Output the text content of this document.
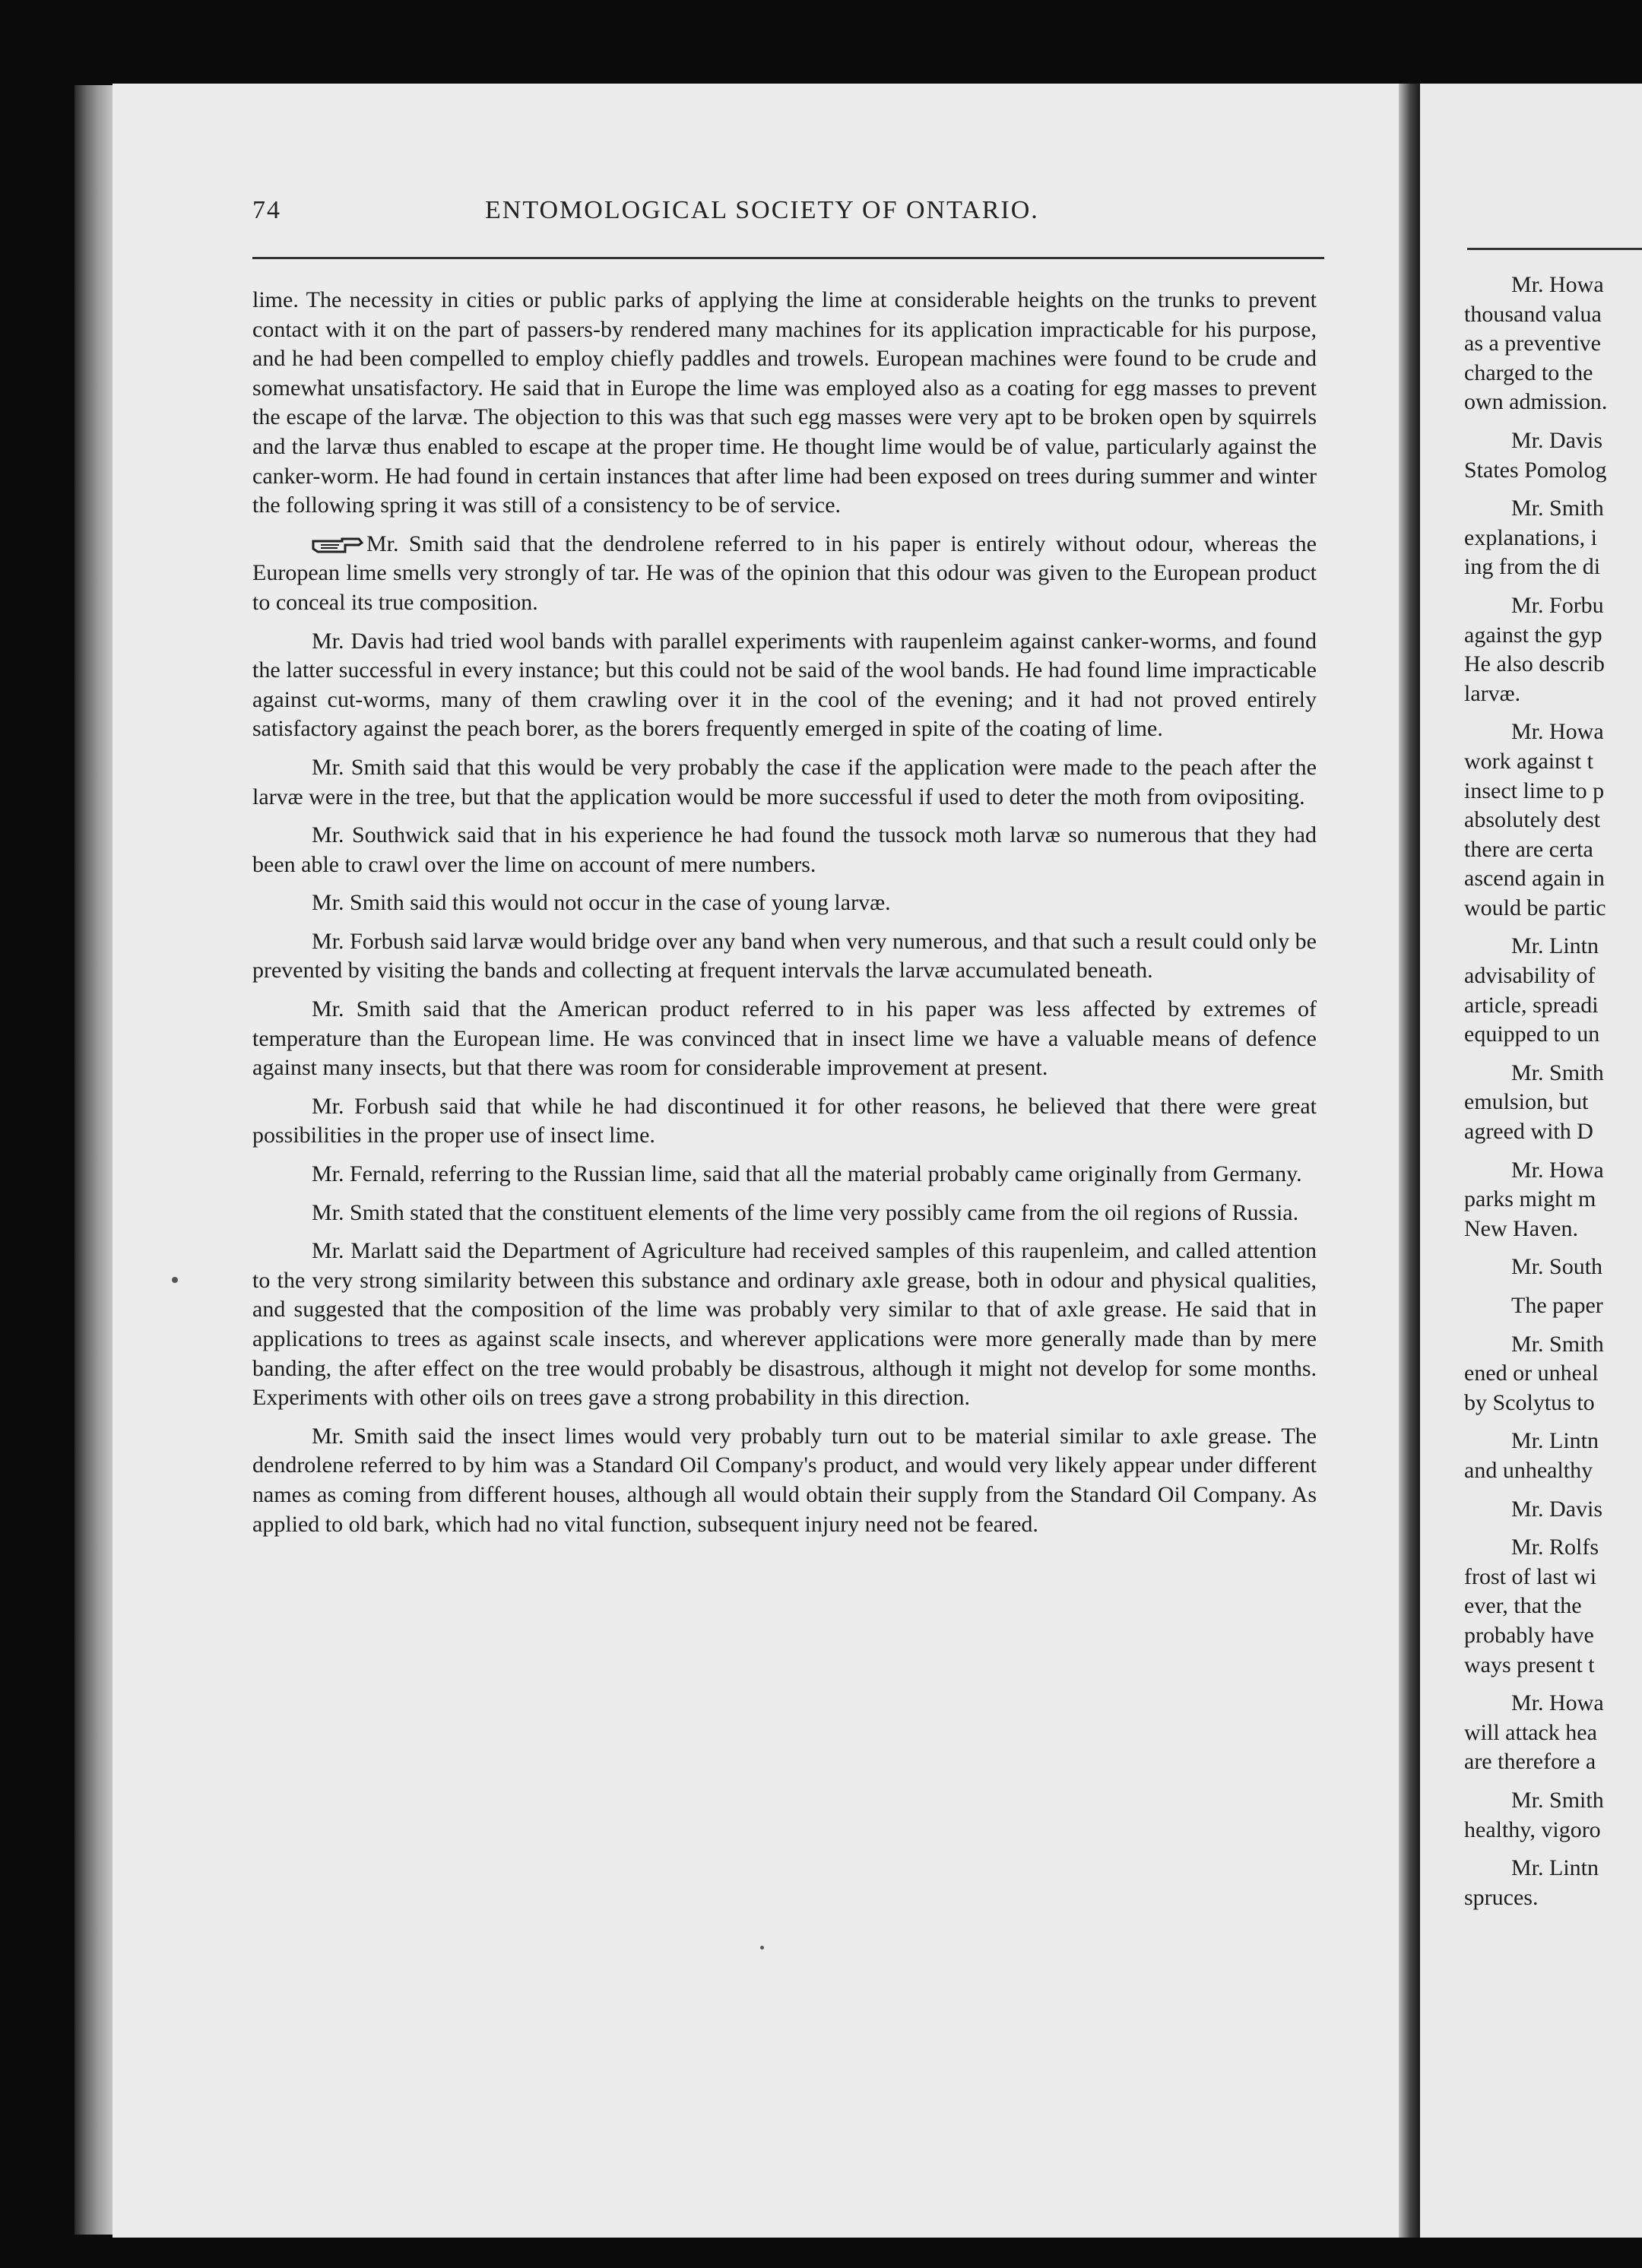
74	ENTOMOLOGICAL SOCIETY OF ONTARIO.

lime. The necessity in cities or public parks of applying the lime at considerable heights on the trunks to prevent contact with it on the part of passers-by rendered many machines for its application impracticable for his purpose, and he had been compelled to employ chiefly paddles and trowels. European machines were found to be crude and somewhat unsatisfactory. He said that in Europe the lime was employed also as a coating for egg masses to prevent the escape of the larvæ. The objection to this was that such egg masses were very apt to be broken open by squirrels and the larvæ thus enabled to escape at the proper time. He thought lime would be of value, particularly against the canker-worm. He had found in certain instances that after lime had been exposed on trees during summer and winter the following spring it was still of a consistency to be of service.

Mr. Smith said that the dendrolene referred to in his paper is entirely without odour, whereas the European lime smells very strongly of tar. He was of the opinion that this odour was given to the European product to conceal its true composition.

Mr. Davis had tried wool bands with parallel experiments with raupenleim against canker-worms, and found the latter successful in every instance; but this could not be said of the wool bands. He had found lime impracticable against cut-worms, many of them crawling over it in the cool of the evening; and it had not proved entirely satisfactory against the peach borer, as the borers frequently emerged in spite of the coating of lime.

Mr. Smith said that this would be very probably the case if the application were made to the peach after the larvæ were in the tree, but that the application would be more successful if used to deter the moth from ovipositing.

Mr. Southwick said that in his experience he had found the tussock moth larvæ so numerous that they had been able to crawl over the lime on account of mere numbers.

Mr. Smith said this would not occur in the case of young larvæ.

Mr. Forbush said larvæ would bridge over any band when very numerous, and that such a result could only be prevented by visiting the bands and collecting at frequent intervals the larvæ accumulated beneath.

Mr. Smith said that the American product referred to in his paper was less affected by extremes of temperature than the European lime. He was convinced that in insect lime we have a valuable means of defence against many insects, but that there was room for considerable improvement at present.

Mr. Forbush said that while he had discontinued it for other reasons, he believed that there were great possibilities in the proper use of insect lime.

Mr. Fernald, referring to the Russian lime, said that all the material probably came originally from Germany.

Mr. Smith stated that the constituent elements of the lime very possibly came from the oil regions of Russia.

Mr. Marlatt said the Department of Agriculture had received samples of this raupenleim, and called attention to the very strong similarity between this substance and ordinary axle grease, both in odour and physical qualities, and suggested that the composition of the lime was probably very similar to that of axle grease. He said that in applications to trees as against scale insects, and wherever applications were more generally made than by mere banding, the after effect on the tree would probably be disastrous, although it might not develop for some months. Experiments with other oils on trees gave a strong probability in this direction.

Mr. Smith said the insect limes would very probably turn out to be material similar to axle grease. The dendrolene referred to by him was a Standard Oil Company's product, and would very likely appear under different names as coming from different houses, although all would obtain their supply from the Standard Oil Company. As applied to old bark, which had no vital function, subsequent injury need not be feared.

Mr. Howa
thousand valua
as a preventive
charged to the
own admission.
Mr. Davis
States Pomolog
Mr. Smith
explanations, i
ing from the di
Mr. Forbu
against the gyp
He also describ
larvæ.
Mr. Howa
work against t
insect lime to p
absolutely dest
there are certa
ascend again in
would be partic
Mr. Lintn
advisability of
article, spreadi
equipped to un
Mr. Smith
emulsion, but
agreed with D
Mr. Howa
parks might m
New Haven.
Mr. South
The paper
Mr. Smith
ened or unheal
by Scolytus to
Mr. Lintn
and unhealthy
Mr. Davis
Mr. Rolfs
frost of last wi
ever, that the
probably have
ways present t
Mr. Howa
will attack hea
are therefore a
Mr. Smith
healthy, vigoro
Mr. Lintn
spruces.
